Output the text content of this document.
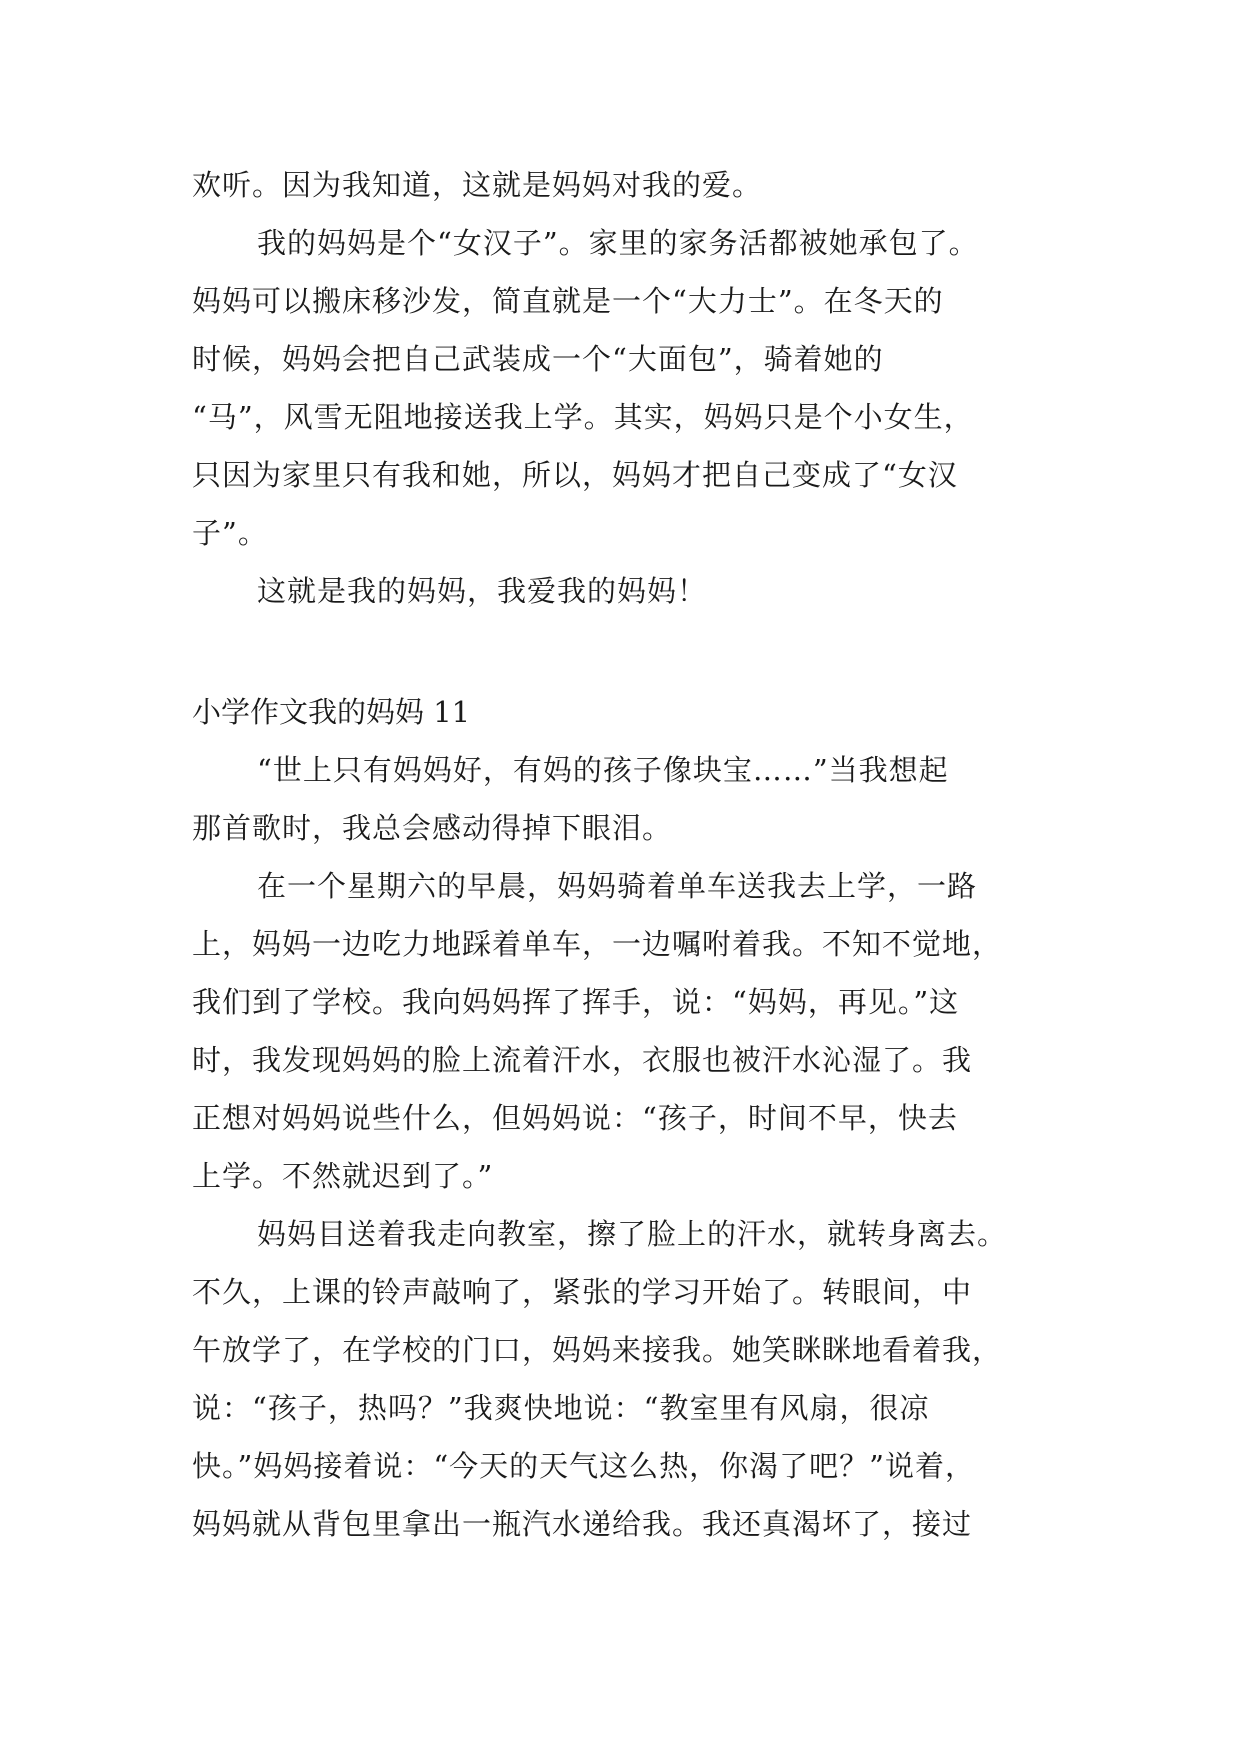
欢听。因为我知道，这就是妈妈对我的爱。
我的妈妈是个“女汉子”。家里的家务活都被她承包了。
妈妈可以搬床移沙发，简直就是一个“大力士”。在冬天的
时候，妈妈会把自己武装成一个“大面包”，骑着她的
“马”，风雪无阻地接送我上学。其实，妈妈只是个小女生，
只因为家里只有我和她，所以，妈妈才把自己变成了“女汉
子”。
这就是我的妈妈，我爱我的妈妈！
小学作文我的妈妈 11
“世上只有妈妈好，有妈的孩子像块宝……”当我想起
那首歌时，我总会感动得掉下眼泪。
在一个星期六的早晨，妈妈骑着单车送我去上学，一路
上，妈妈一边吃力地踩着单车，一边嘱咐着我。不知不觉地，
我们到了学校。我向妈妈挥了挥手，说：“妈妈，再见。”这
时，我发现妈妈的脸上流着汗水，衣服也被汗水沁湿了。我
正想对妈妈说些什么，但妈妈说：“孩子，时间不早，快去
上学。不然就迟到了。”
妈妈目送着我走向教室，擦了脸上的汗水，就转身离去。
不久，上课的铃声敲响了，紧张的学习开始了。转眼间，中
午放学了，在学校的门口，妈妈来接我。她笑眯眯地看着我，
说：“孩子，热吗？”我爽快地说：“教室里有风扇，很凉
快。”妈妈接着说：“今天的天气这么热，你渴了吧？”说着，
妈妈就从背包里拿出一瓶汽水递给我。我还真渴坏了，接过
